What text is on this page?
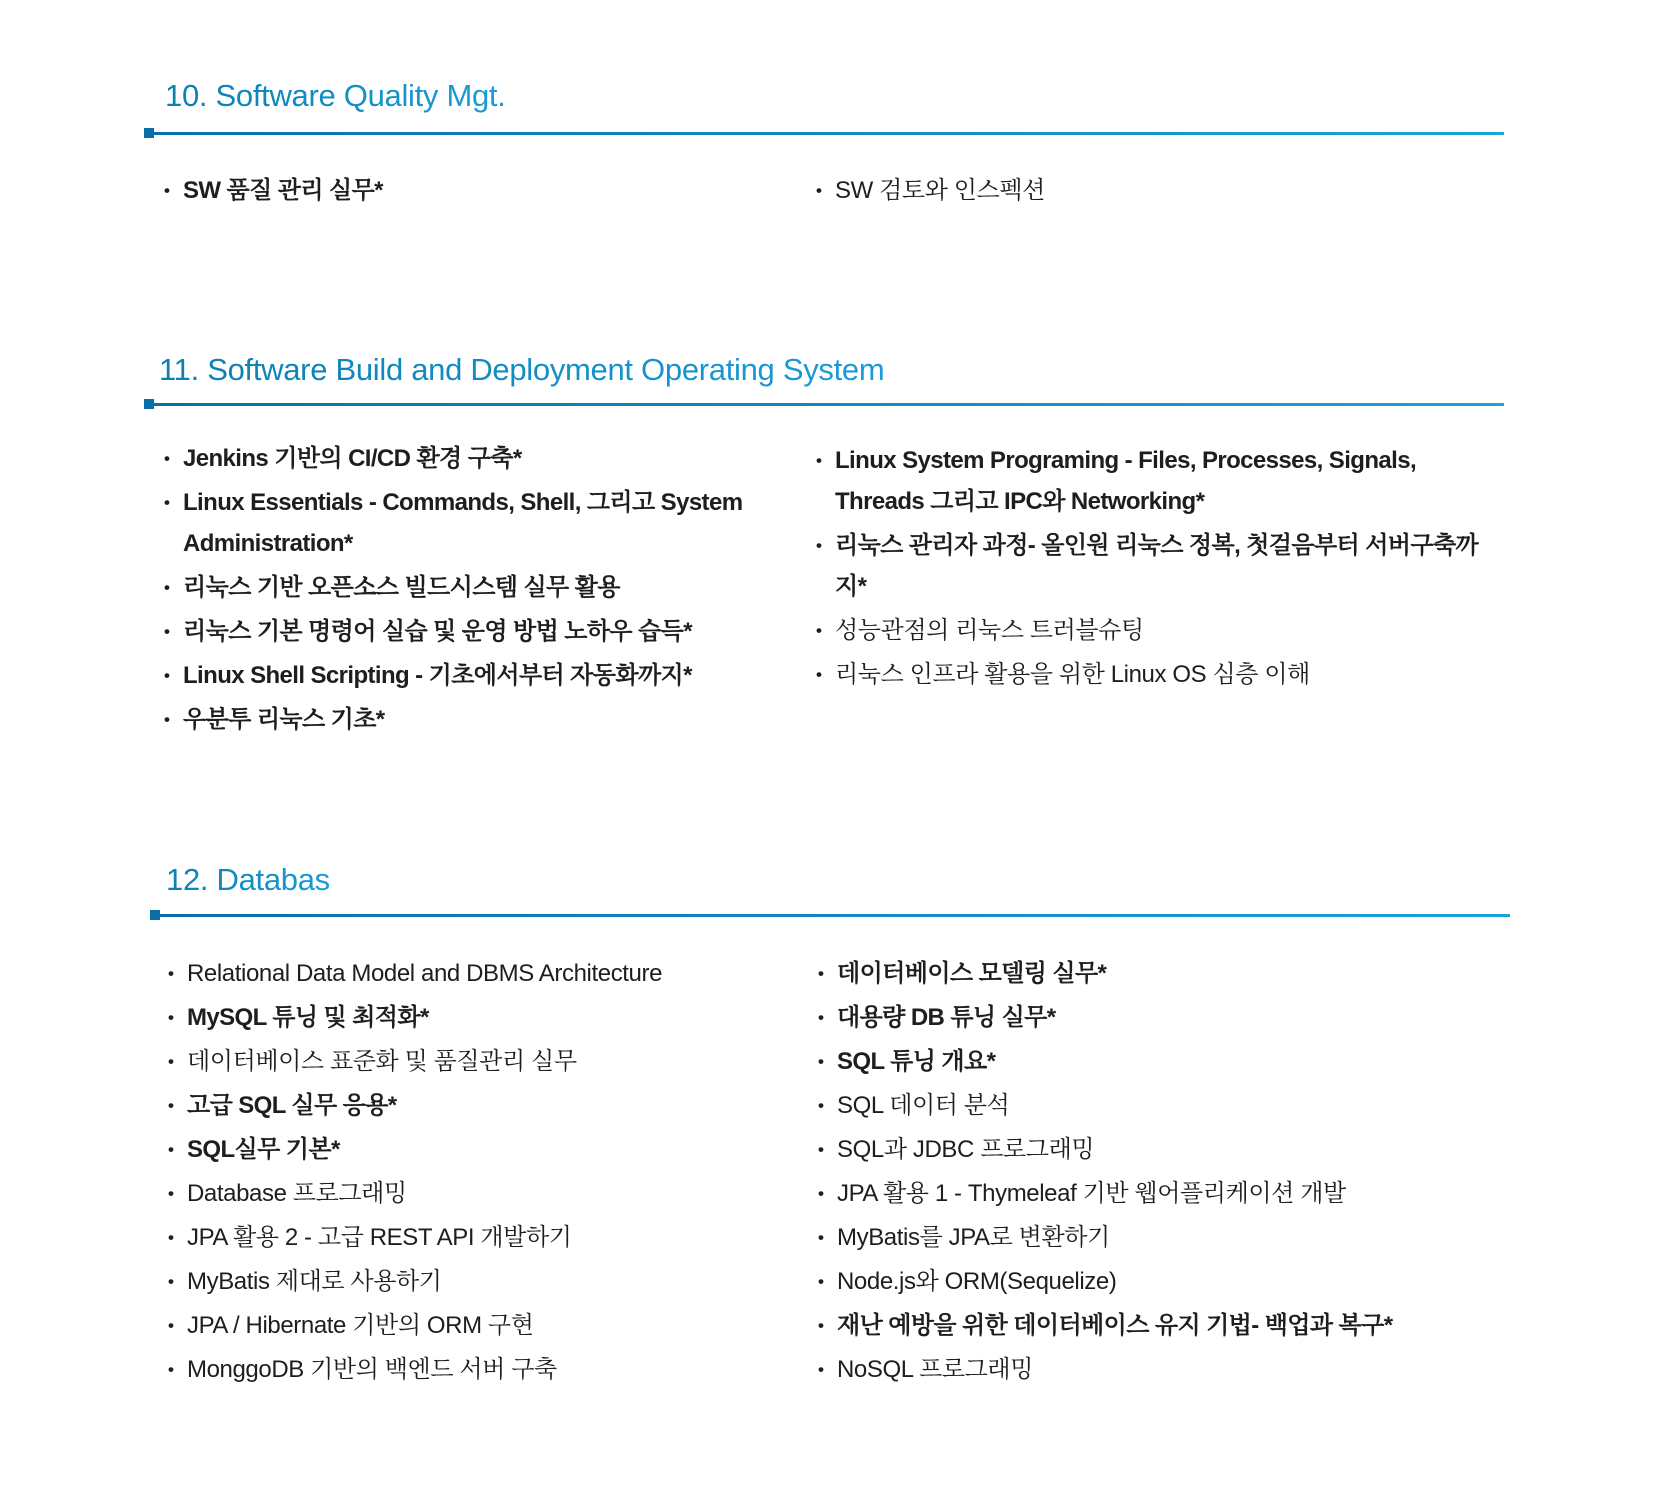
10. Software Quality Mgt.
• SW 품질 관리 실무*	• SW 검토와 인스펙션
11. Software Build and Deployment Operating System
• Jenkins 기반의 CI/CD 환경 구축*
• Linux Essentials - Commands, Shell, 그리고 System Administration*
• 리눅스 기반 오픈소스 빌드시스템 실무 활용
• 리눅스 기본 명령어 실습 및 운영 방법 노하우 습득*
• Linux Shell Scripting - 기초에서부터 자동화까지*
• 우분투 리눅스 기초*
• Linux System Programing - Files, Processes, Signals, Threads 그리고 IPC와 Networking*
• 리눅스 관리자 과정- 올인원 리눅스 정복, 첫걸음부터 서버구축까지*
• 성능관점의 리눅스 트러블슈팅
• 리눅스 인프라 활용을 위한 Linux OS 심층 이해
12. Databas
• Relational Data Model and DBMS Architecture
• MySQL 튜닝 및 최적화*
• 데이터베이스 표준화 및 품질관리 실무
• 고급 SQL 실무 응용*
• SQL실무 기본*
• Database 프로그래밍
• JPA 활용 2 - 고급 REST API 개발하기
• MyBatis 제대로 사용하기
• JPA / Hibernate 기반의 ORM 구현
• MonggoDB 기반의 백엔드 서버 구축
• 데이터베이스 모델링 실무*
• 대용량 DB 튜닝 실무*
• SQL 튜닝 개요*
• SQL 데이터 분석
• SQL과 JDBC 프로그래밍
• JPA 활용 1 - Thymeleaf 기반 웹어플리케이션 개발
• MyBatis를 JPA로 변환하기
• Node.js와 ORM(Sequelize)
• 재난 예방을 위한 데이터베이스 유지 기법- 백업과 복구*
• NoSQL 프로그래밍
